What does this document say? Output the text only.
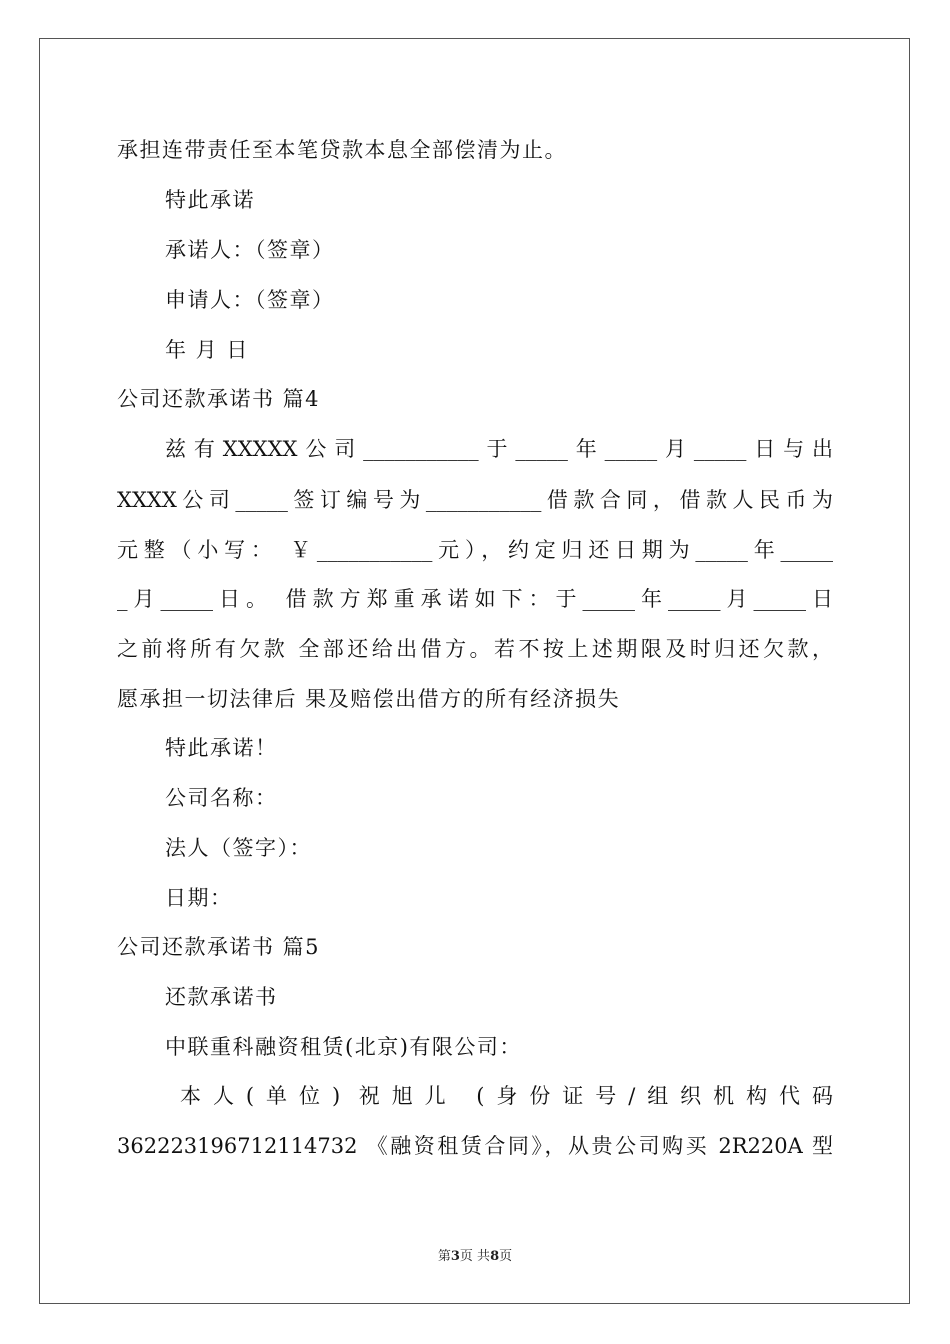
承担连带责任至本笔贷款本息全部偿清为止。
特此承诺
承诺人：（签章）
申请人：（签章）
年 月 日
公司还款承诺书 篇4
兹有XXXXX公司___________于_____年_____月_____日与出
XXXX公司_____签订编号为___________借款合同，借款人民币为
元整（小写： ￥___________元），约定归还日期为_____年_____
_月_____日。 借款方郑重承诺如下：于_____年_____月_____日
之前将所有欠款 全部还给出借方。若不按上述期限及时归还欠款，
愿承担一切法律后 果及赔偿出借方的所有经济损失
特此承诺！
公司名称：
法人（签字）：
日期：
公司还款承诺书 篇5
还款承诺书
中联重科融资租赁(北京)有限公司：
本人(单位) 祝旭儿 (身份证号/组织机构代码
362223196712114732 《融资租赁合同》，从贵公司购买 2R220A 型
第3页 共8页
